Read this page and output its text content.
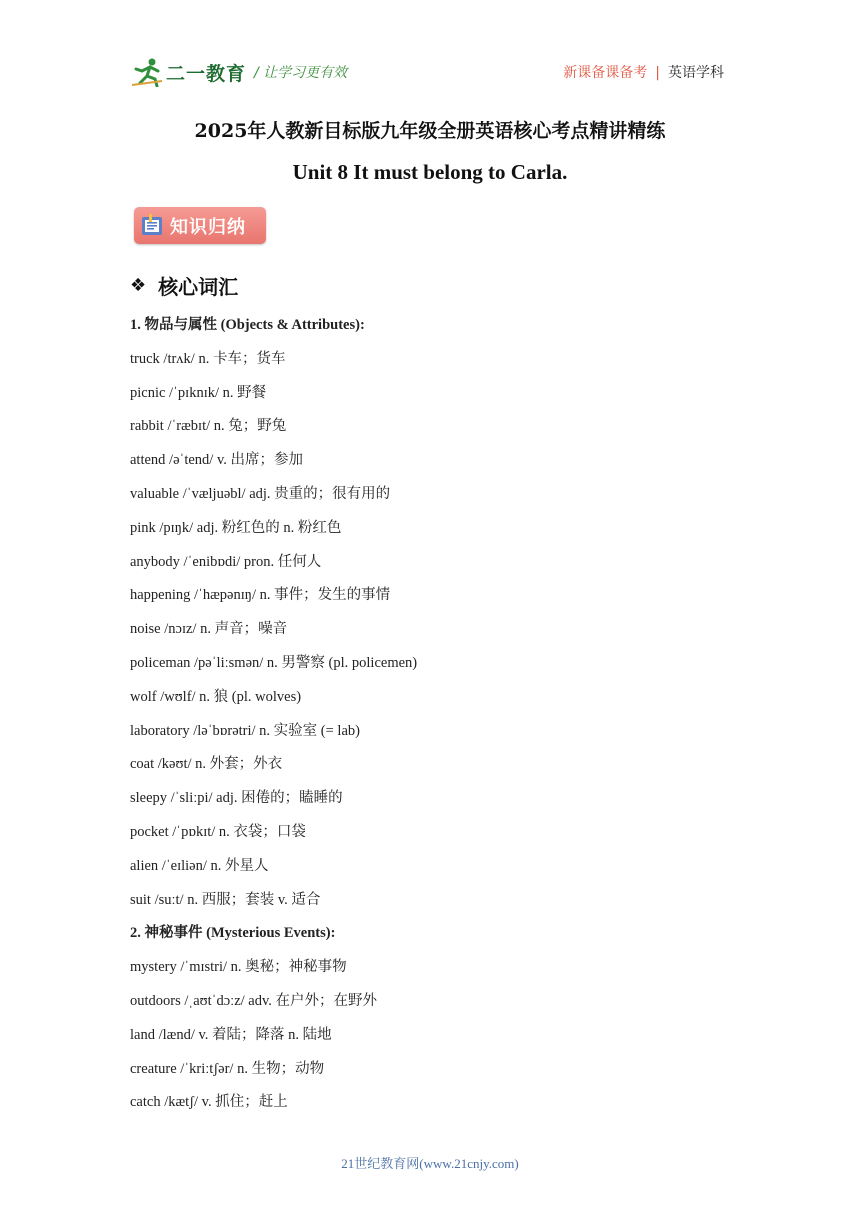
二一教育 / 让学习更有效	新课备课备考 | 英语学科
2025年人教新目标版九年级全册英语核心考点精讲精练
Unit 8 It must belong to Carla.
知识归纳
❖ 核心词汇
1. 物品与属性 (Objects & Attributes):
truck /trʌk/ n. 卡车；货车
picnic /ˈpɪknɪk/ n. 野餐
rabbit /ˈræbɪt/ n. 兔；野兔
attend /əˈtend/ v. 出席；参加
valuable /ˈvæljuəbl/ adj. 贵重的；很有用的
pink /pɪŋk/ adj. 粉红色的 n. 粉红色
anybody /ˈenibɒdi/ pron. 任何人
happening /ˈhæpənɪŋ/ n. 事件；发生的事情
noise /nɔɪz/ n. 声音；噪音
policeman /pəˈliːsmən/ n. 男警察 (pl. policemen)
wolf /wʊlf/ n. 狼 (pl. wolves)
laboratory /ləˈbɒrətri/ n. 实验室 (= lab)
coat /kəʊt/ n. 外套；外衣
sleepy /ˈsliːpi/ adj. 困倦的；瞌睡的
pocket /ˈpɒkɪt/ n. 衣袋；口袋
alien /ˈeɪliən/ n. 外星人
suit /suːt/ n. 西服；套装 v. 适合
2. 神秘事件 (Mysterious Events):
mystery /ˈmɪstri/ n. 奥秘；神秘事物
outdoors /ˌaʊtˈdɔːz/ adv. 在户外；在野外
land /lænd/ v. 着陆；降落 n. 陆地
creature /ˈkriːtʃər/ n. 生物；动物
catch /kætʃ/ v. 抓住；赶上
21世纪教育网(www.21cnjy.com)
